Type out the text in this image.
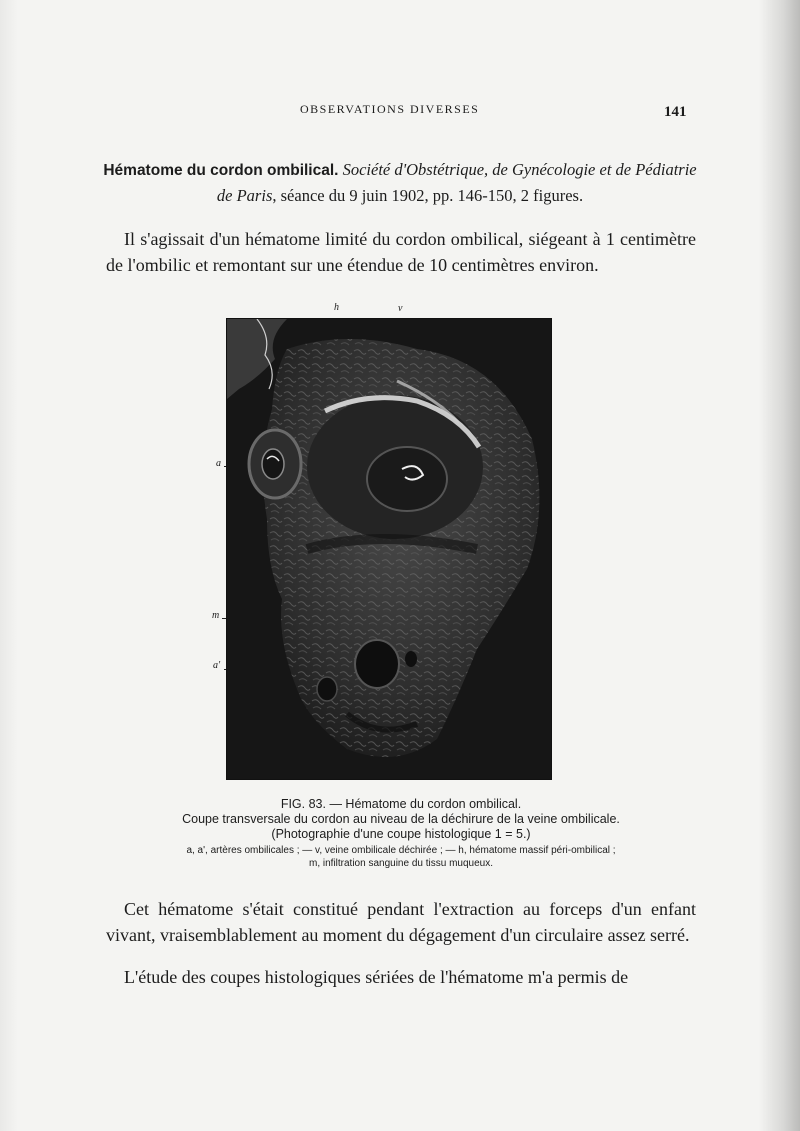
OBSERVATIONS DIVERSES	141
Hématome du cordon ombilical. Société d'Obstétrique, de Gynécologie et de Pédiatrie de Paris, séance du 9 juin 1902, pp. 146-150, 2 figures.
Il s'agissait d'un hématome limité du cordon ombilical, siégeant à 1 centimètre de l'ombilic et remontant sur une étendue de 10 centimètres environ.
h	v
a
m
a'
FIG. 83. — Hématome du cordon ombilical.
Coupe transversale du cordon au niveau de la déchirure de la veine ombilicale.
(Photographie d'une coupe histologique 1 = 5.)
a, a', artères ombilicales ; — v, veine ombilicale déchirée ; — h, hématome massif péri-ombilical ;
m, infiltration sanguine du tissu muqueux.
Cet hématome s'était constitué pendant l'extraction au forceps d'un enfant vivant, vraisemblablement au moment du dégagement d'un circulaire assez serré.
L'étude des coupes histologiques sériées de l'hématome m'a permis de
